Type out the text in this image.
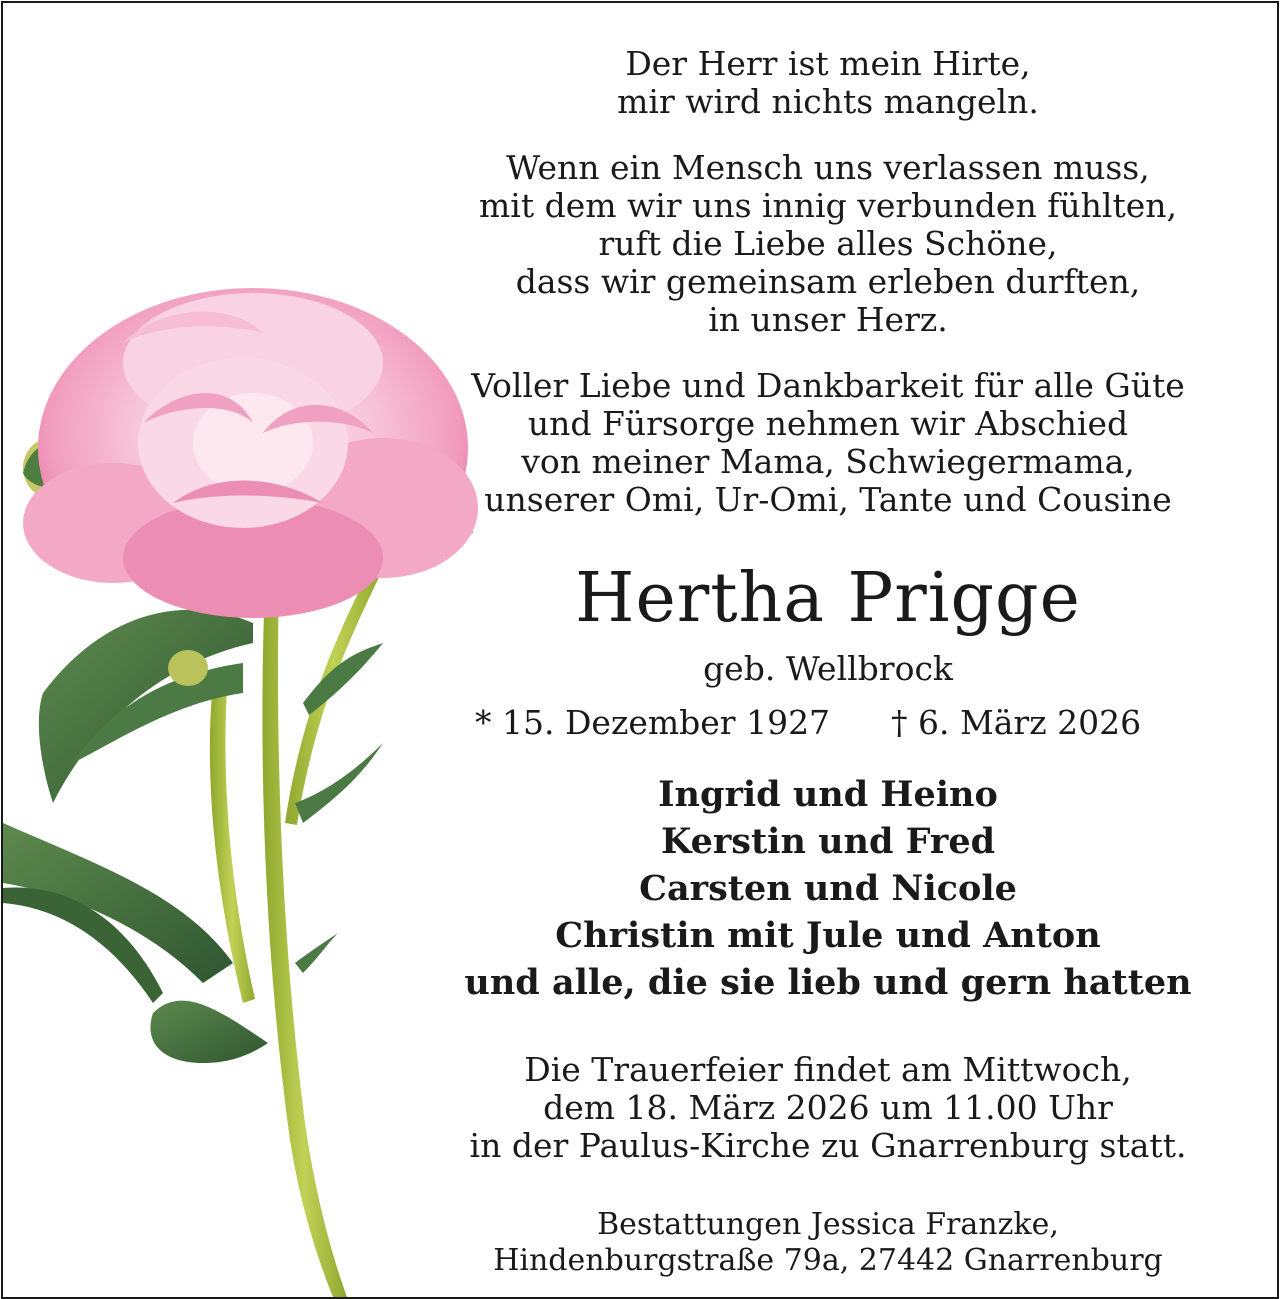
Der Herr ist mein Hirte,
mir wird nichts mangeln.
Wenn ein Mensch uns verlassen muss,
mit dem wir uns innig verbunden fühlten,
ruft die Liebe alles Schöne,
dass wir gemeinsam erleben durften,
in unser Herz.
Voller Liebe und Dankbarkeit für alle Güte
und Fürsorge nehmen wir Abschied
von meiner Mama, Schwiegermama,
unserer Omi, Ur-Omi, Tante und Cousine
Hertha Prigge
geb. Wellbrock
* 15. Dezember 1927 † 6. März 2026
Ingrid und Heino
Kerstin und Fred
Carsten und Nicole
Christin mit Jule und Anton
und alle, die sie lieb und gern hatten
Die Trauerfeier findet am Mittwoch,
dem 18. März 2026 um 11.00 Uhr
in der Paulus-Kirche zu Gnarrenburg statt.
Bestattungen Jessica Franzke,
Hindenburgstraße 79a, 27442 Gnarrenburg
